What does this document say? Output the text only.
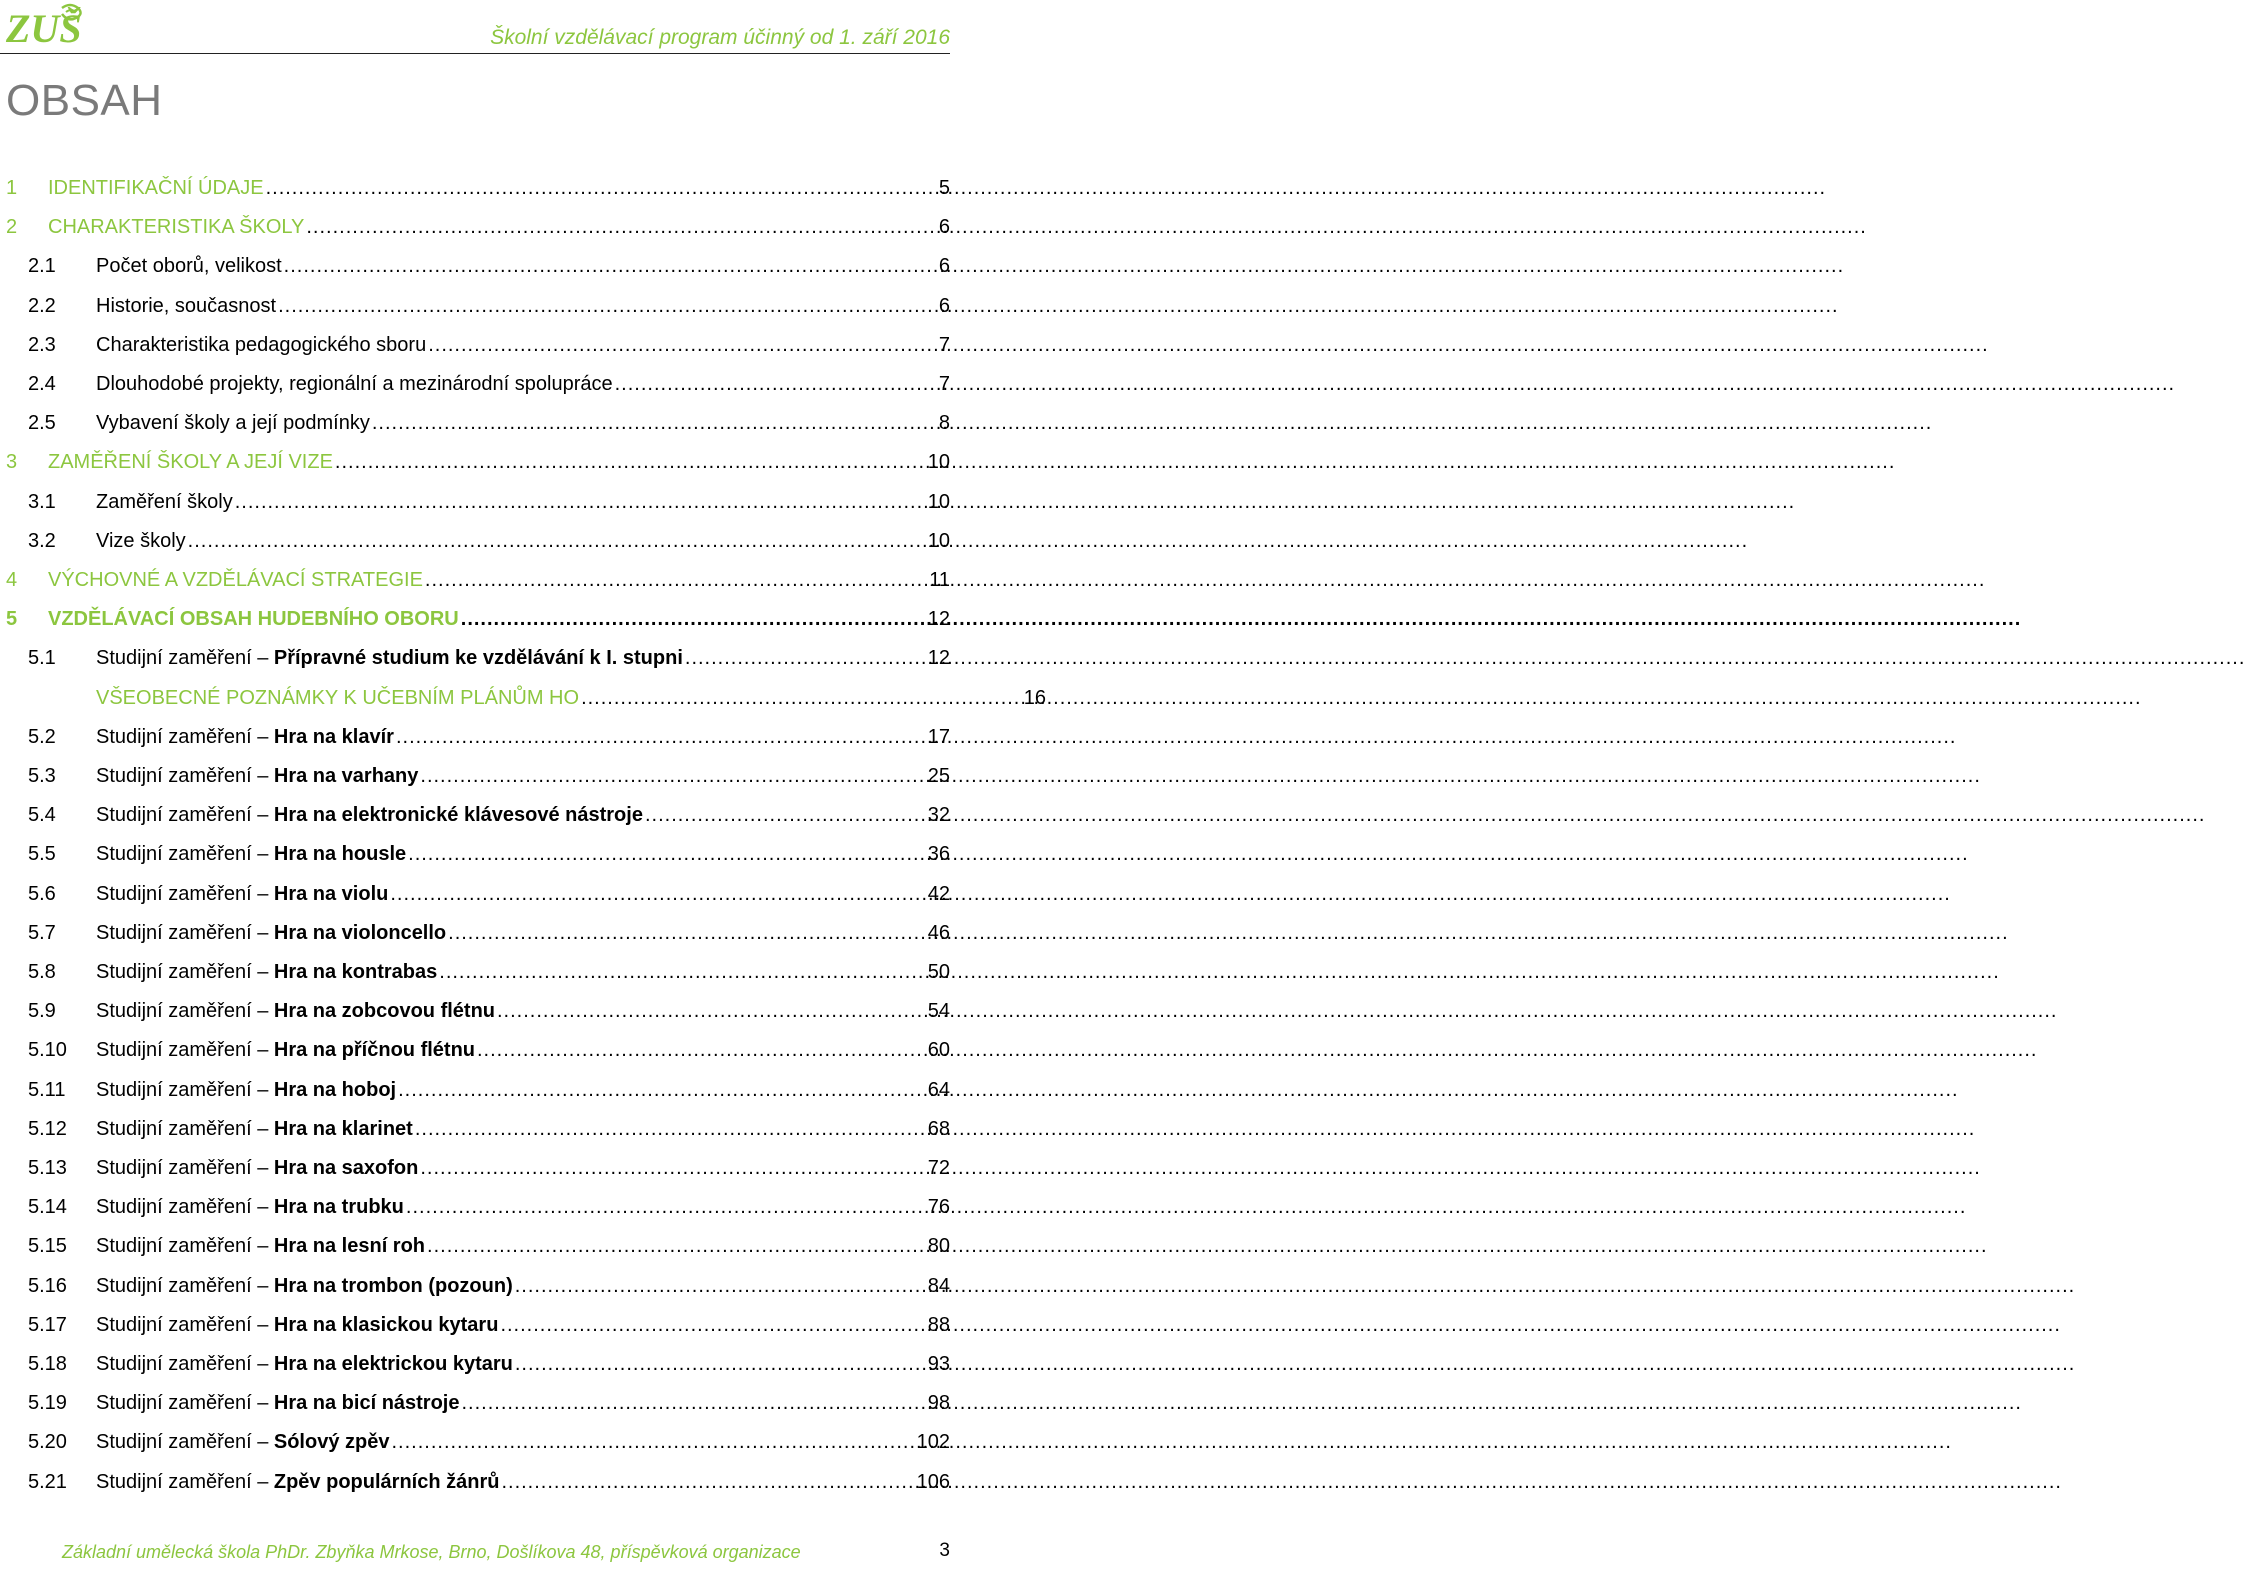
ZUŠ	Školní vzdělávací program účinný od 1. září 2016
OBSAH
1	IDENTIFIKAČNÍ ÚDAJE .....	5
2	CHARAKTERISTIKA ŠKOLY .....	6
2.1	Počet oborů, velikost .....	6
2.2	Historie, současnost .....	6
2.3	Charakteristika pedagogického sboru .....	7
2.4	Dlouhodobé projekty, regionální a mezinárodní spolupráce .....	7
2.5	Vybavení školy a její podmínky .....	8
3	ZAMĚŘENÍ ŠKOLY A JEJÍ VIZE .....	10
3.1	Zaměření školy .....	10
3.2	Vize školy .....	10
4	VÝCHOVNÉ A VZDĚLÁVACÍ STRATEGIE .....	11
5	VZDĚLÁVACÍ OBSAH HUDEBNÍHO OBORU .....	12
5.1	Studijní zaměření – Přípravné studium ke vzdělávání k I. stupni .....	12
VŠEOBECNÉ POZNÁMKY K UČEBNÍM PLÁNŮM HO .....	16
5.2	Studijní zaměření – Hra na klavír .....	17
5.3	Studijní zaměření – Hra na varhany .....	25
5.4	Studijní zaměření – Hra na elektronické klávesové nástroje .....	32
5.5	Studijní zaměření – Hra na housle .....	36
5.6	Studijní zaměření – Hra na violu .....	42
5.7	Studijní zaměření – Hra na violoncello .....	46
5.8	Studijní zaměření – Hra na kontrabas .....	50
5.9	Studijní zaměření – Hra na zobcovou flétnu .....	54
5.10	Studijní zaměření – Hra na příčnou flétnu .....	60
5.11	Studijní zaměření – Hra na hoboj .....	64
5.12	Studijní zaměření – Hra na klarinet .....	68
5.13	Studijní zaměření – Hra na saxofon .....	72
5.14	Studijní zaměření – Hra na trubku .....	76
5.15	Studijní zaměření – Hra na lesní roh .....	80
5.16	Studijní zaměření – Hra na trombon (pozoun) .....	84
5.17	Studijní zaměření – Hra na klasickou kytaru .....	88
5.18	Studijní zaměření – Hra na elektrickou kytaru .....	93
5.19	Studijní zaměření – Hra na bicí nástroje .....	98
5.20	Studijní zaměření – Sólový zpěv .....	102
5.21	Studijní zaměření – Zpěv populárních žánrů .....	106
Základní umělecká škola PhDr. Zbyňka Mrkose, Brno, Došlíkova 48, příspěvková organizace	3
